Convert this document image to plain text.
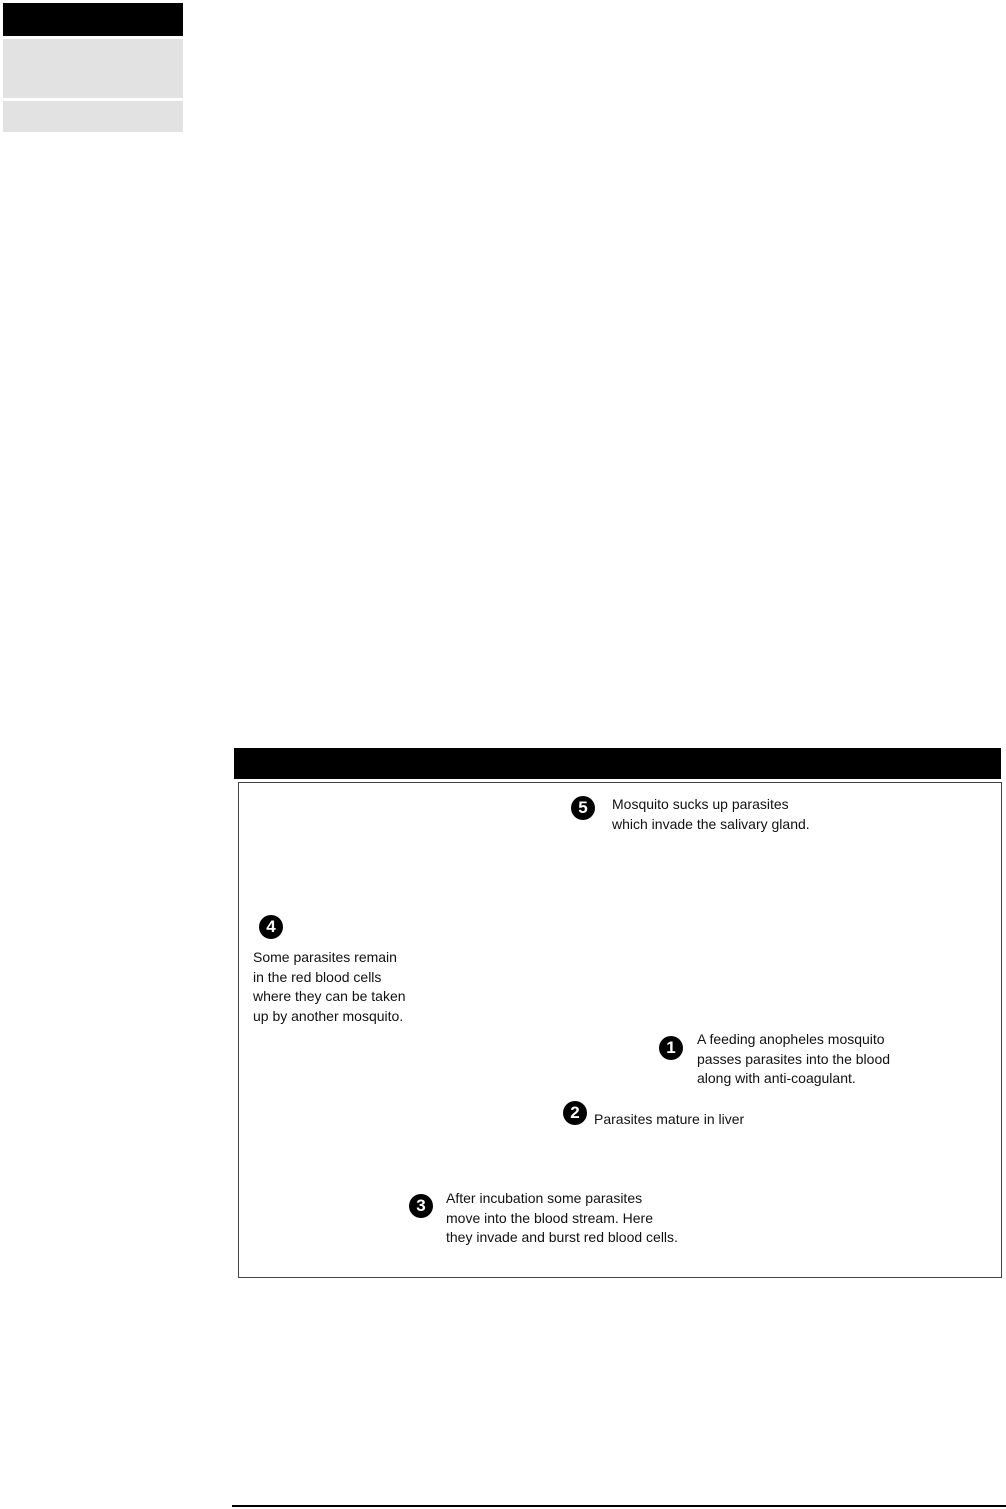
5	Mosquito sucks up parasites

which invade the salivary gland.

4

Some parasites remain

in the red blood cells

where they can be taken

up by another mosquito.

1	A feeding anopheles mosquito

passes parasites into the blood

along with anti-coagulant.

2	Parasites mature in liver

3	After incubation some parasites

move into the blood stream. Here

they invade and burst red blood cells.
